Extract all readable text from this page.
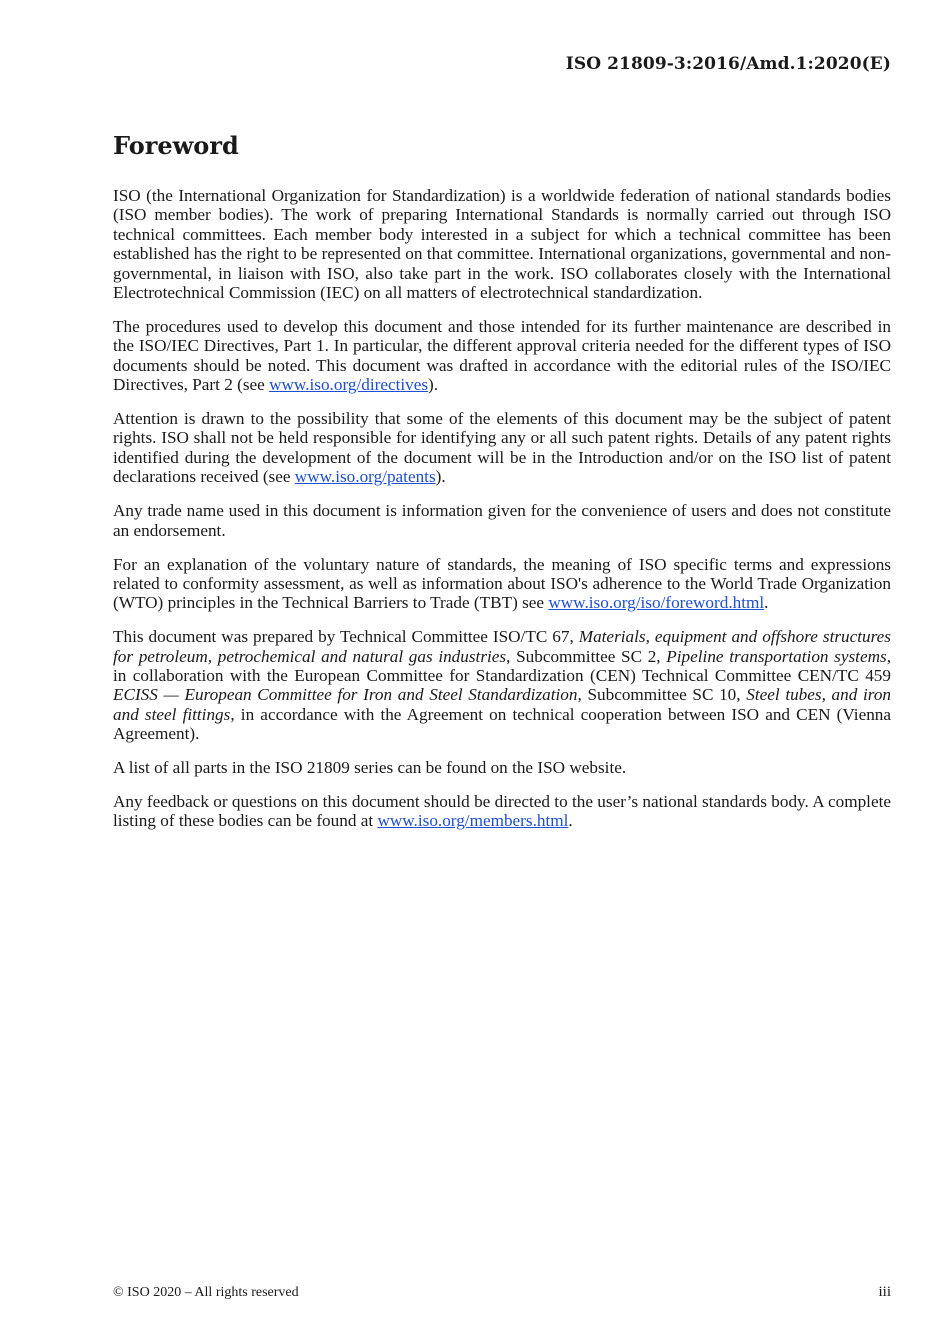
ISO 21809-3:2016/Amd.1:2020(E)
Foreword

ISO (the International Organization for Standardization) is a worldwide federation of national standards bodies (ISO member bodies). The work of preparing International Standards is normally carried out through ISO technical committees. Each member body interested in a subject for which a technical committee has been established has the right to be represented on that committee. International organizations, governmental and non-governmental, in liaison with ISO, also take part in the work. ISO collaborates closely with the International Electrotechnical Commission (IEC) on all matters of electrotechnical standardization.

The procedures used to develop this document and those intended for its further maintenance are described in the ISO/IEC Directives, Part 1. In particular, the different approval criteria needed for the different types of ISO documents should be noted. This document was drafted in accordance with the editorial rules of the ISO/IEC Directives, Part 2 (see www.iso.org/directives).

Attention is drawn to the possibility that some of the elements of this document may be the subject of patent rights. ISO shall not be held responsible for identifying any or all such patent rights. Details of any patent rights identified during the development of the document will be in the Introduction and/or on the ISO list of patent declarations received (see www.iso.org/patents).

Any trade name used in this document is information given for the convenience of users and does not constitute an endorsement.

For an explanation of the voluntary nature of standards, the meaning of ISO specific terms and expressions related to conformity assessment, as well as information about ISO's adherence to the World Trade Organization (WTO) principles in the Technical Barriers to Trade (TBT) see www.iso.org/iso/foreword.html.

This document was prepared by Technical Committee ISO/TC 67, Materials, equipment and offshore structures for petroleum, petrochemical and natural gas industries, Subcommittee SC 2, Pipeline transportation systems, in collaboration with the European Committee for Standardization (CEN) Technical Committee CEN/TC 459 ECISS — European Committee for Iron and Steel Standardization, Subcommittee SC 10, Steel tubes, and iron and steel fittings, in accordance with the Agreement on technical cooperation between ISO and CEN (Vienna Agreement).

A list of all parts in the ISO 21809 series can be found on the ISO website.

Any feedback or questions on this document should be directed to the user’s national standards body. A complete listing of these bodies can be found at www.iso.org/members.html.

© ISO 2020 – All rights reserved	iii
